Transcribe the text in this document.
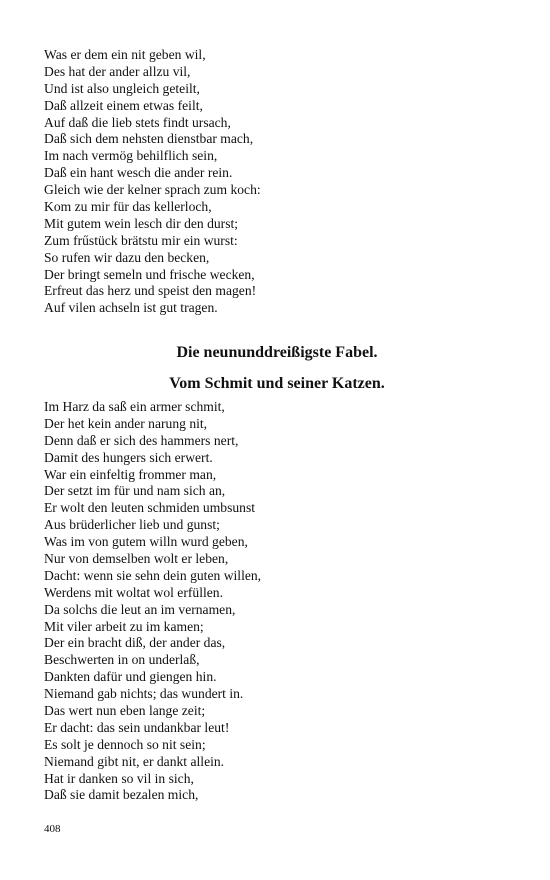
Was er dem ein nit geben wil,
Des hat der ander allzu vil,
Und ist also ungleich geteilt,
Daß allzeit einem etwas feilt,
Auf daß die lieb stets findt ursach,
Daß sich dem nehsten dienstbar mach,
Im nach vermög behilflich sein,
Daß ein hant wesch die ander rein.
Gleich wie der kelner sprach zum koch:
Kom zu mir für das kellerloch,
Mit gutem wein lesch dir den durst;
Zum frűstück brätstu mir ein wurst:
So rufen wir dazu den becken,
Der bringt semeln und frische wecken,
Erfreut das herz und speist den magen!
Auf vilen achseln ist gut tragen.
Die neununddreißigste Fabel.
Vom Schmit und seiner Katzen.
Im Harz da saß ein armer schmit,
Der het kein ander narung nit,
Denn daß er sich des hammers nert,
Damit des hungers sich erwert.
War ein einfeltig frommer man,
Der setzt im für und nam sich an,
Er wolt den leuten schmiden umbsunst
Aus brüderlicher lieb und gunst;
Was im von gutem willn wurd geben,
Nur von demselben wolt er leben,
Dacht: wenn sie sehn dein guten willen,
Werdens mit woltat wol erfüllen.
Da solchs die leut an im vernamen,
Mit viler arbeit zu im kamen;
Der ein bracht diß, der ander das,
Beschwerten in on underlaß,
Dankten dafür und giengen hin.
Niemand gab nichts; das wundert in.
Das wert nun eben lange zeit;
Er dacht: das sein undankbar leut!
Es solt je dennoch so nit sein;
Niemand gibt nit, er dankt allein.
Hat ir danken so vil in sich,
Daß sie damit bezalen mich,
408
